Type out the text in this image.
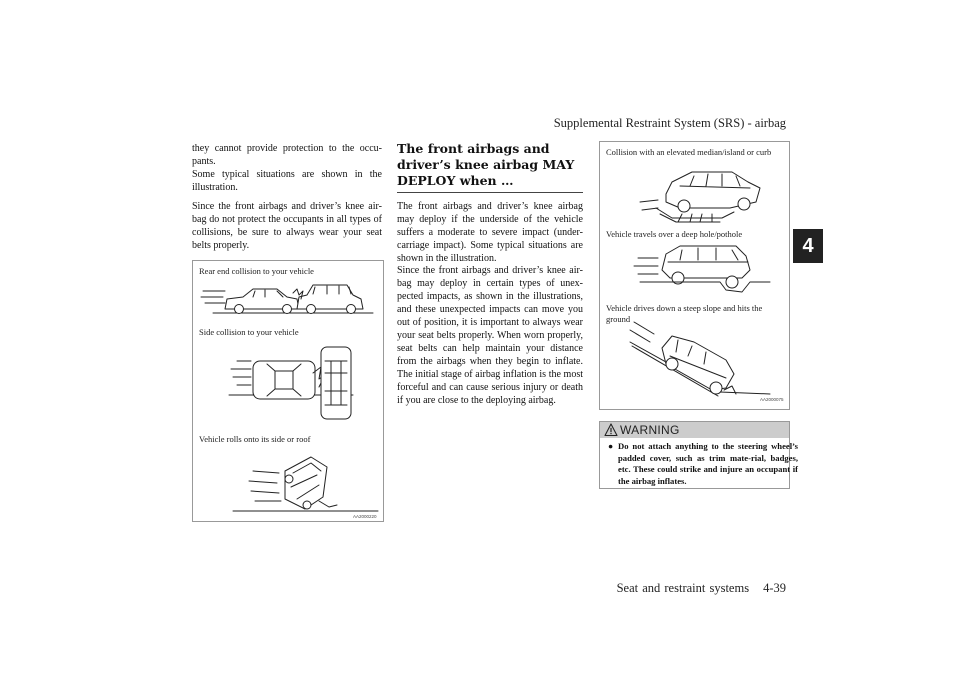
Supplemental Restraint System (SRS) - airbag
4

they cannot provide protection to the occu-pants.

Some typical situations are shown in the illustration.

Since the front airbags and driver’s knee air-bag do not protect the occupants in all types of collisions, be sure to always wear your seat belts properly.

Rear end collision to your vehicle
Side collision to your vehicle
Vehicle rolls onto its side or roof
AA2000220
The front airbags and driver’s knee airbag MAY DEPLOY when …

The front airbags and driver’s knee airbag may deploy if the underside of the vehicle suffers a moderate to severe impact (under-carriage impact). Some typical situations are shown in the illustration.

Since the front airbags and driver’s knee air-bag may deploy in certain types of unex-pected impacts, as shown in the illustrations, and these unexpected impacts can move you out of position, it is important to always wear your seat belts properly. When worn properly, seat belts can help maintain your distance from the airbags when they begin to inflate. The initial stage of airbag inflation is the most forceful and can cause serious injury or death if you are close to the deploying airbag.

Collision with an elevated median/island or curb
Vehicle travels over a deep hole/pothole
Vehicle drives down a steep slope and hits the ground
AA2000075
WARNING

● Do not attach anything to the steering wheel’s padded cover, such as trim mate-rial, badges, etc. These could strike and injure an occupant if the airbag inflates.

Seat and restraint systems 4-39
